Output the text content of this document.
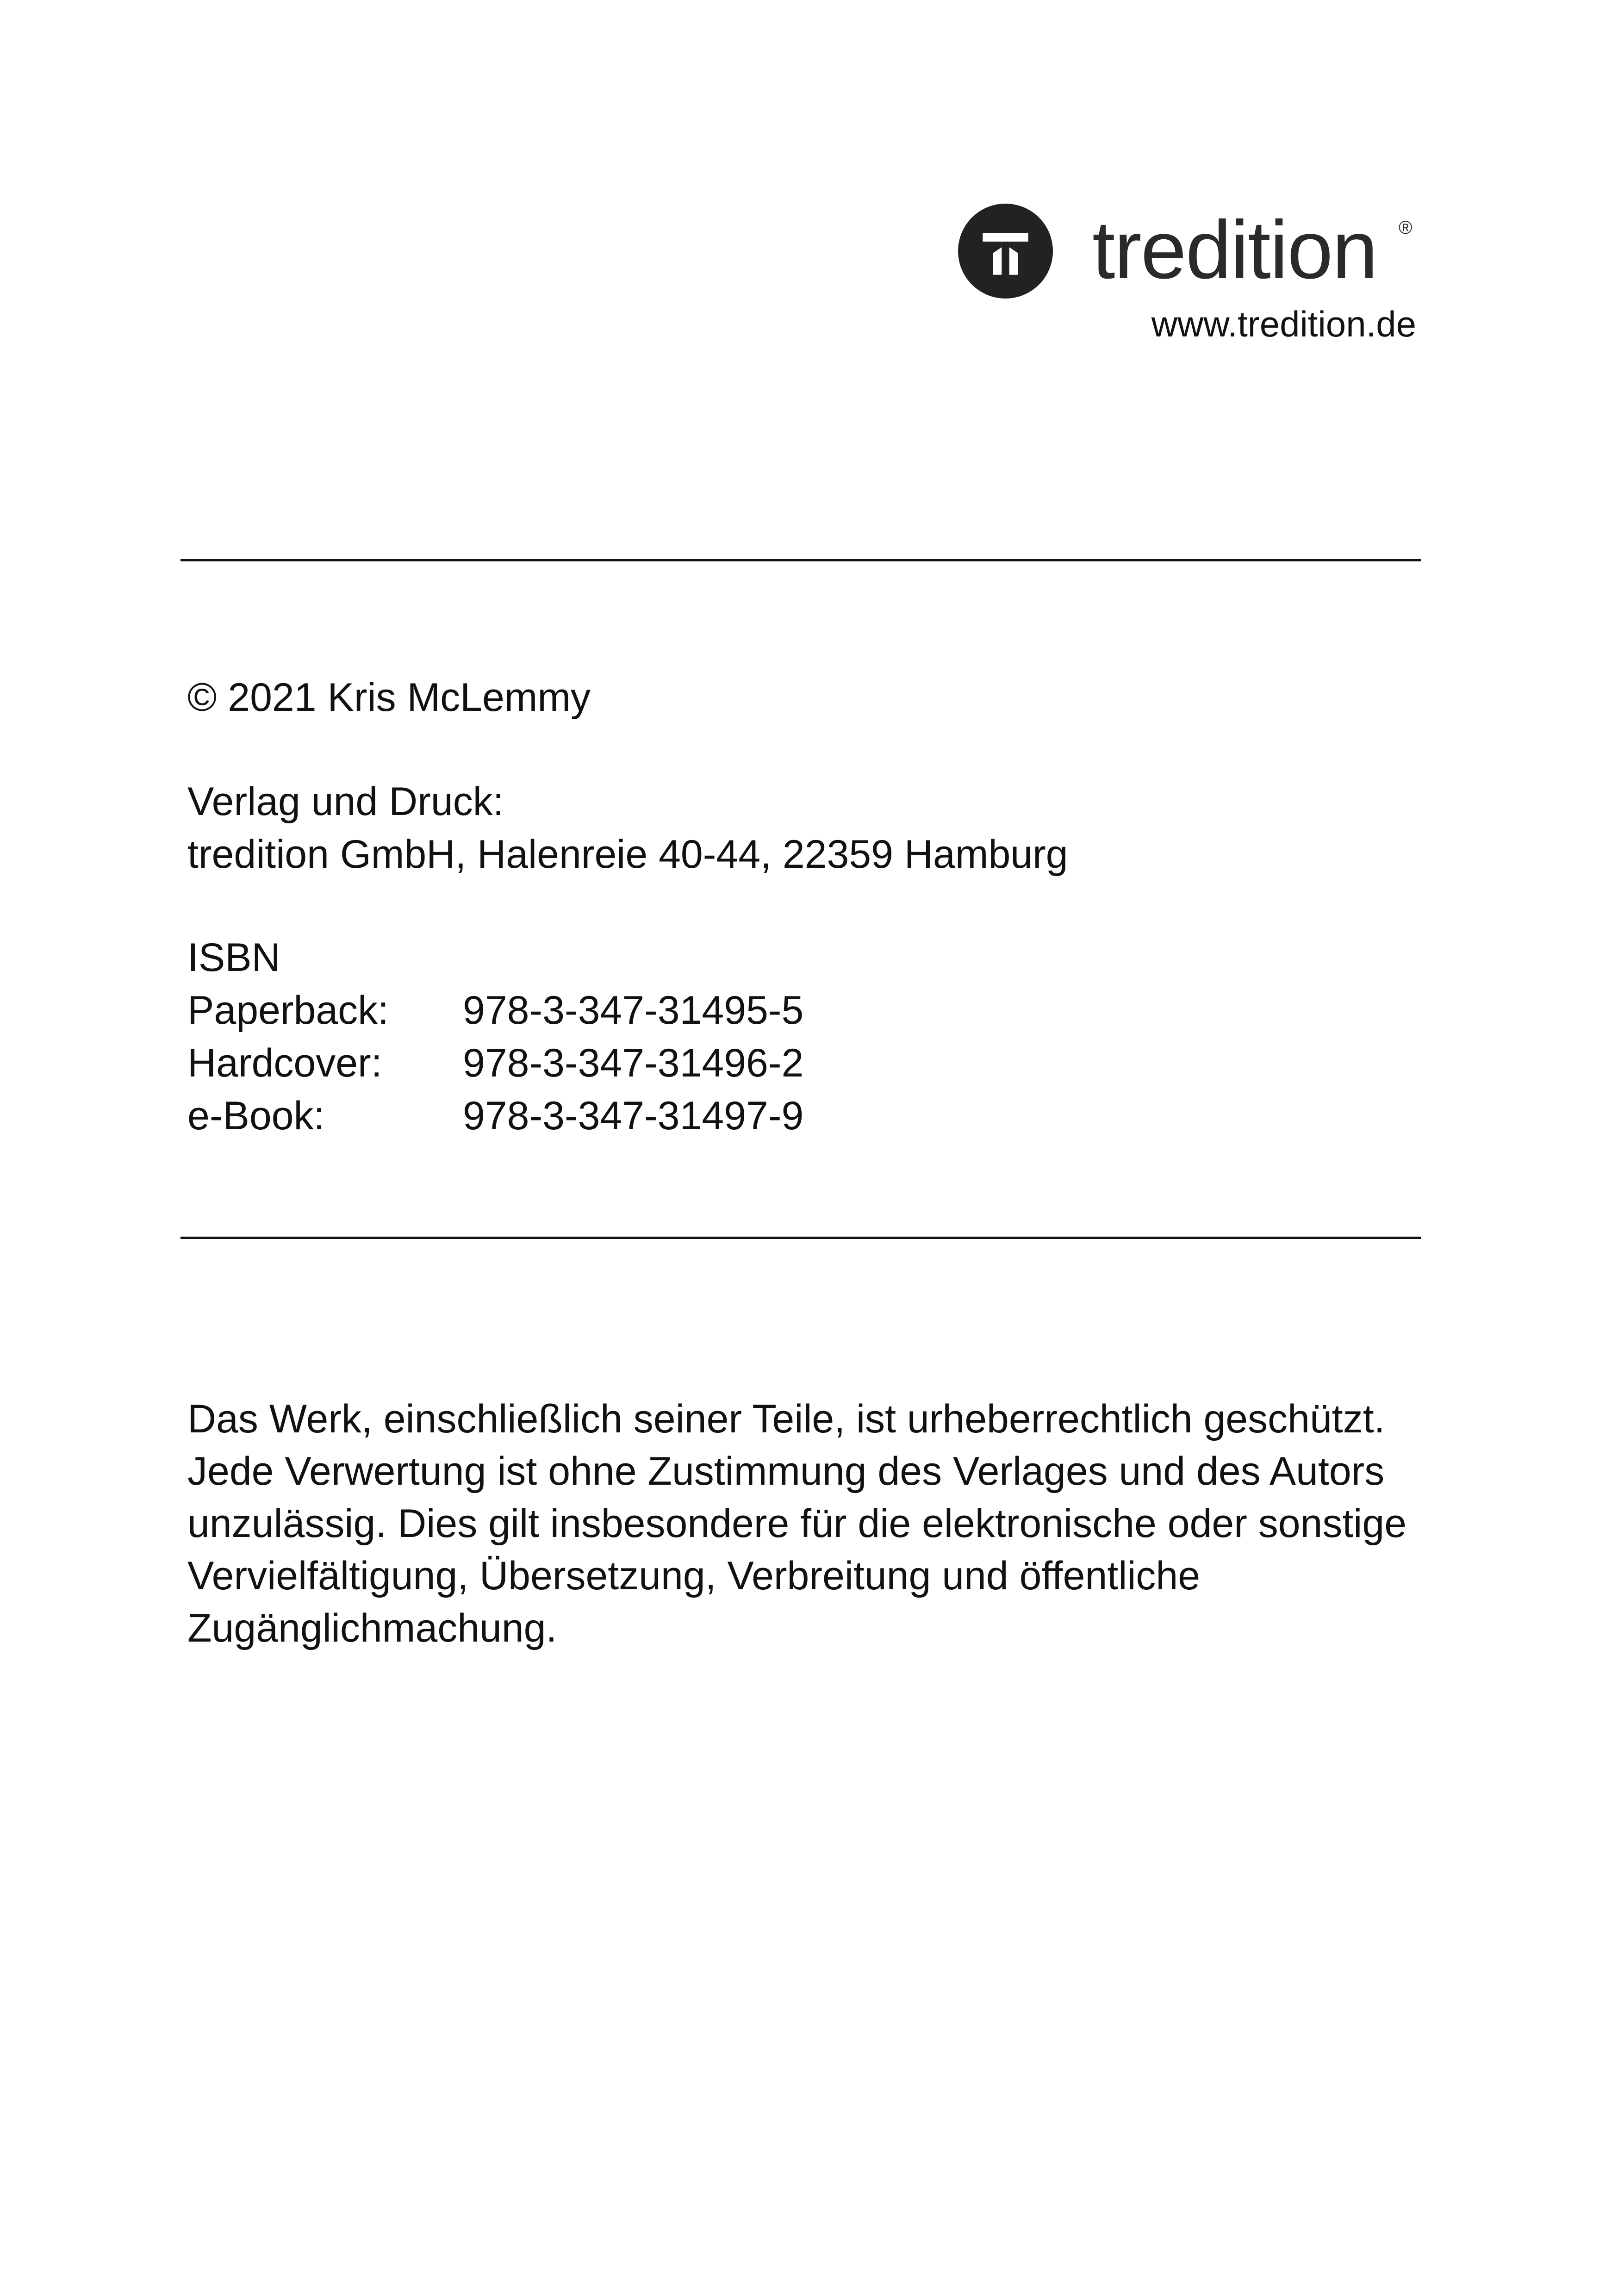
tredition ®
www.tredition.de
© 2021 Kris McLemmy
Verlag und Druck:
tredition GmbH, Halenreie 40-44, 22359 Hamburg
ISBN
Paperback:	978-3-347-31495-5
Hardcover:	978-3-347-31496-2
e-Book:	978-3-347-31497-9
Das Werk, einschließlich seiner Teile, ist urheberrechtlich geschützt.
Jede Verwertung ist ohne Zustimmung des Verlages und des Autors
unzulässig. Dies gilt insbesondere für die elektronische oder sonstige
Vervielfältigung, Übersetzung, Verbreitung und öffentliche
Zugänglichmachung.
